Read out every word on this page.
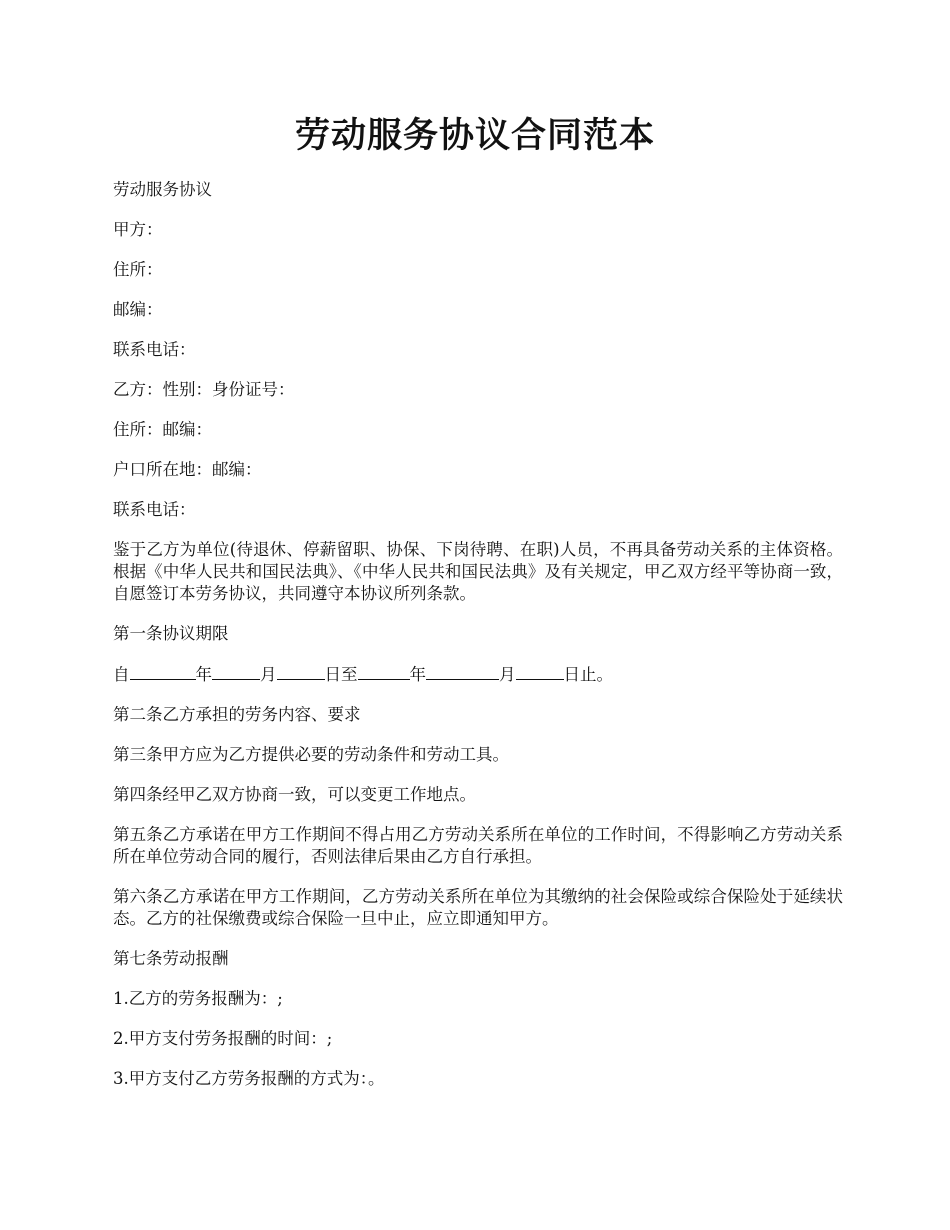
劳动服务协议合同范本

劳动服务协议

甲方：

住所：

邮编：

联系电话：

乙方：性别：身份证号：

住所：邮编：

户口所在地：邮编：

联系电话：

鉴于乙方为单位(待退休、停薪留职、协保、下岗待聘、在职)人员，不再具备劳动关系的主体资格。根据《中华人民共和国民法典》、《中华人民共和国民法典》及有关规定，甲乙双方经平等协商一致，自愿签订本劳务协议，共同遵守本协议所列条款。

第一条协议期限

自	年	月	日至	年	月	日止。

第二条乙方承担的劳务内容、要求

第三条甲方应为乙方提供必要的劳动条件和劳动工具。

第四条经甲乙双方协商一致，可以变更工作地点。

第五条乙方承诺在甲方工作期间不得占用乙方劳动关系所在单位的工作时间，不得影响乙方劳动关系所在单位劳动合同的履行，否则法律后果由乙方自行承担。

第六条乙方承诺在甲方工作期间，乙方劳动关系所在单位为其缴纳的社会保险或综合保险处于延续状态。乙方的社保缴费或综合保险一旦中止，应立即通知甲方。

第七条劳动报酬

1.乙方的劳务报酬为：;

2.甲方支付劳务报酬的时间：;

3.甲方支付乙方劳务报酬的方式为：。
